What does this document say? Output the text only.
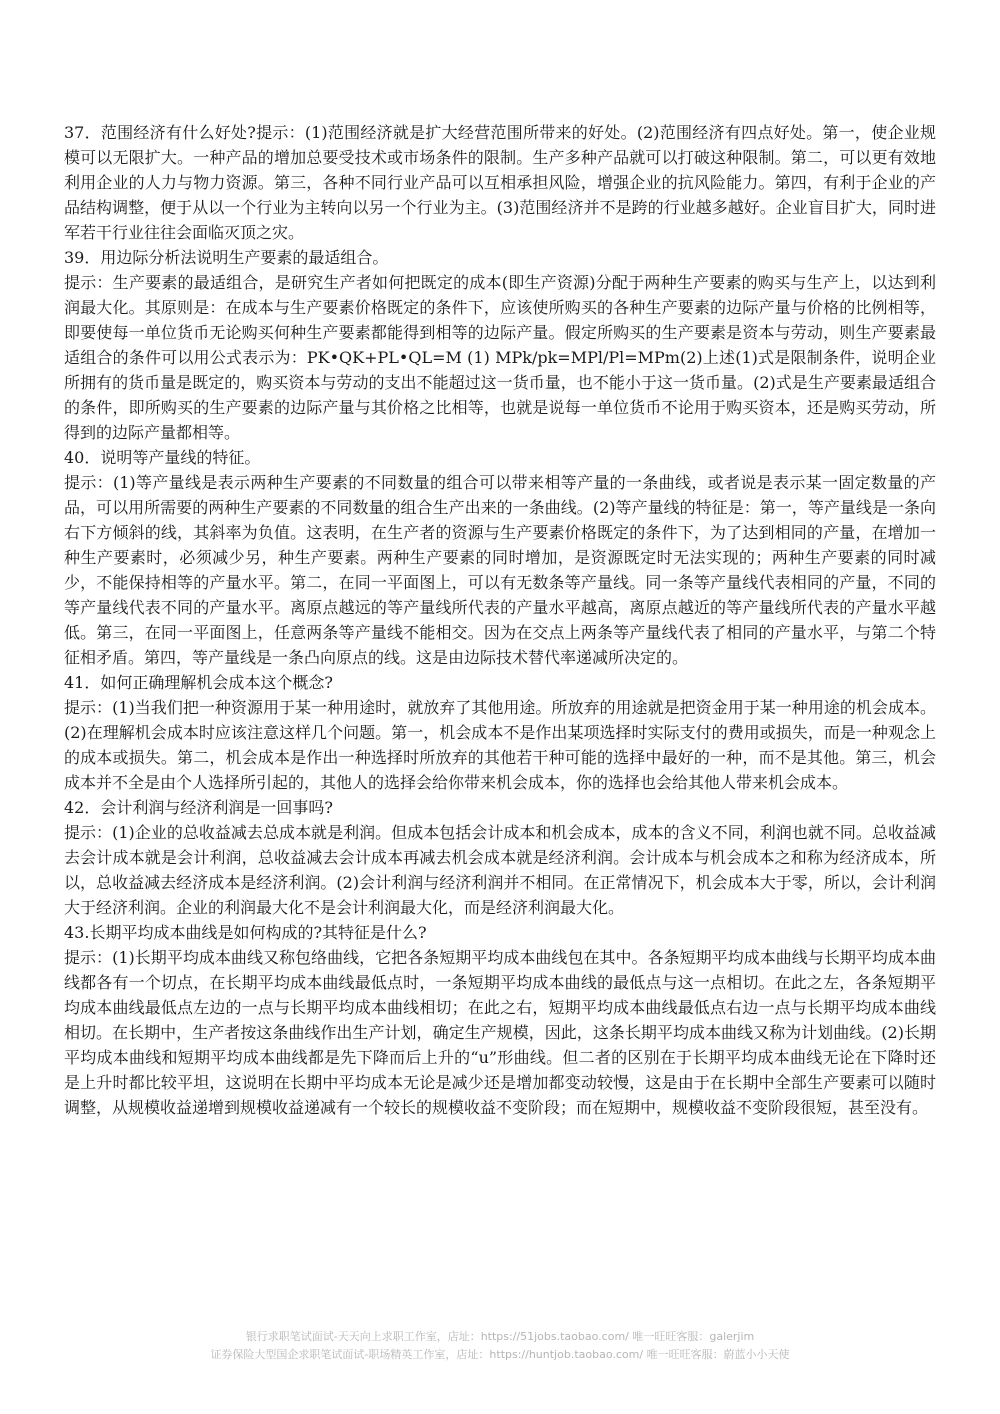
37．范围经济有什么好处?提示：(1)范围经济就是扩大经营范围所带来的好处。(2)范围经济有四点好处。第一，使企业规模可以无限扩大。一种产品的增加总要受技术或市场条件的限制。生产多种产品就可以打破这种限制。第二，可以更有效地利用企业的人力与物力资源。第三，各种不同行业产品可以互相承担风险，增强企业的抗风险能力。第四，有利于企业的产品结构调整，便于从以一个行业为主转向以另一个行业为主。(3)范围经济并不是跨的行业越多越好。企业盲目扩大，同时进军若干行业往往会面临灭顶之灾。

39．用边际分析法说明生产要素的最适组合。

提示：生产要素的最适组合，是研究生产者如何把既定的成本(即生产资源)分配于两种生产要素的购买与生产上，以达到利润最大化。其原则是：在成本与生产要素价格既定的条件下，应该使所购买的各种生产要素的边际产量与价格的比例相等，即要使每一单位货币无论购买何种生产要素都能得到相等的边际产量。假定所购买的生产要素是资本与劳动，则生产要素最适组合的条件可以用公式表示为：PK•QK+PL•QL=M (1) MPk/pk=MPl/Pl=MPm(2)上述(1)式是限制条件，说明企业所拥有的货币量是既定的，购买资本与劳动的支出不能超过这一货币量，也不能小于这一货币量。(2)式是生产要素最适组合的条件，即所购买的生产要素的边际产量与其价格之比相等，也就是说每一单位货币不论用于购买资本，还是购买劳动，所得到的边际产量都相等。

40．说明等产量线的特征。

提示：(1)等产量线是表示两种生产要素的不同数量的组合可以带来相等产量的一条曲线，或者说是表示某一固定数量的产品，可以用所需要的两种生产要素的不同数量的组合生产出来的一条曲线。(2)等产量线的特征是：第一，等产量线是一条向右下方倾斜的线，其斜率为负值。这表明，在生产者的资源与生产要素价格既定的条件下，为了达到相同的产量，在增加一种生产要素时，必须减少另，种生产要素。两种生产要素的同时增加，是资源既定时无法实现的；两种生产要素的同时减少，不能保持相等的产量水平。第二，在同一平面图上，可以有无数条等产量线。同一条等产量线代表相同的产量，不同的等产量线代表不同的产量水平。离原点越远的等产量线所代表的产量水平越高，离原点越近的等产量线所代表的产量水平越低。第三，在同一平面图上，任意两条等产量线不能相交。因为在交点上两条等产量线代表了相同的产量水平，与第二个特征相矛盾。第四，等产量线是一条凸向原点的线。这是由边际技术替代率递减所决定的。

41．如何正确理解机会成本这个概念?

提示：(1)当我们把一种资源用于某一种用途时，就放弃了其他用途。所放弃的用途就是把资金用于某一种用途的机会成本。(2)在理解机会成本时应该注意这样几个问题。第一，机会成本不是作出某项选择时实际支付的费用或损失，而是一种观念上的成本或损失。第二，机会成本是作出一种选择时所放弃的其他若干种可能的选择中最好的一种，而不是其他。第三，机会成本并不全是由个人选择所引起的，其他人的选择会给你带来机会成本，你的选择也会给其他人带来机会成本。

42．会计利润与经济利润是一回事吗?

提示：(1)企业的总收益减去总成本就是利润。但成本包括会计成本和机会成本，成本的含义不同，利润也就不同。总收益减去会计成本就是会计利润，总收益减去会计成本再减去机会成本就是经济利润。会计成本与机会成本之和称为经济成本，所以，总收益减去经济成本是经济利润。(2)会计利润与经济利润并不相同。在正常情况下，机会成本大于零，所以，会计利润大于经济利润。企业的利润最大化不是会计利润最大化，而是经济利润最大化。

43.长期平均成本曲线是如何构成的?其特征是什么?

提示：(1)长期平均成本曲线又称包络曲线，它把各条短期平均成本曲线包在其中。各条短期平均成本曲线与长期平均成本曲线都各有一个切点，在长期平均成本曲线最低点时，一条短期平均成本曲线的最低点与这一点相切。在此之左，各条短期平均成本曲线最低点左边的一点与长期平均成本曲线相切；在此之右，短期平均成本曲线最低点右边一点与长期平均成本曲线相切。在长期中，生产者按这条曲线作出生产计划，确定生产规模，因此，这条长期平均成本曲线又称为计划曲线。(2)长期平均成本曲线和短期平均成本曲线都是先下降而后上升的“u”形曲线。但二者的区别在于长期平均成本曲线无论在下降时还是上升时都比较平坦，这说明在长期中平均成本无论是减少还是增加都变动较慢，这是由于在长期中全部生产要素可以随时调整，从规模收益递增到规模收益递减有一个较长的规模收益不变阶段；而在短期中，规模收益不变阶段很短，甚至没有。

银行求职笔试面试-天天向上求职工作室，店址：https://51jobs.taobao.com/ 唯一旺旺客服：galerjim
证券保险大型国企求职笔试面试-职场精英工作室，店址：https://huntjob.taobao.com/ 唯一旺旺客服：蔚蓝小小天使
